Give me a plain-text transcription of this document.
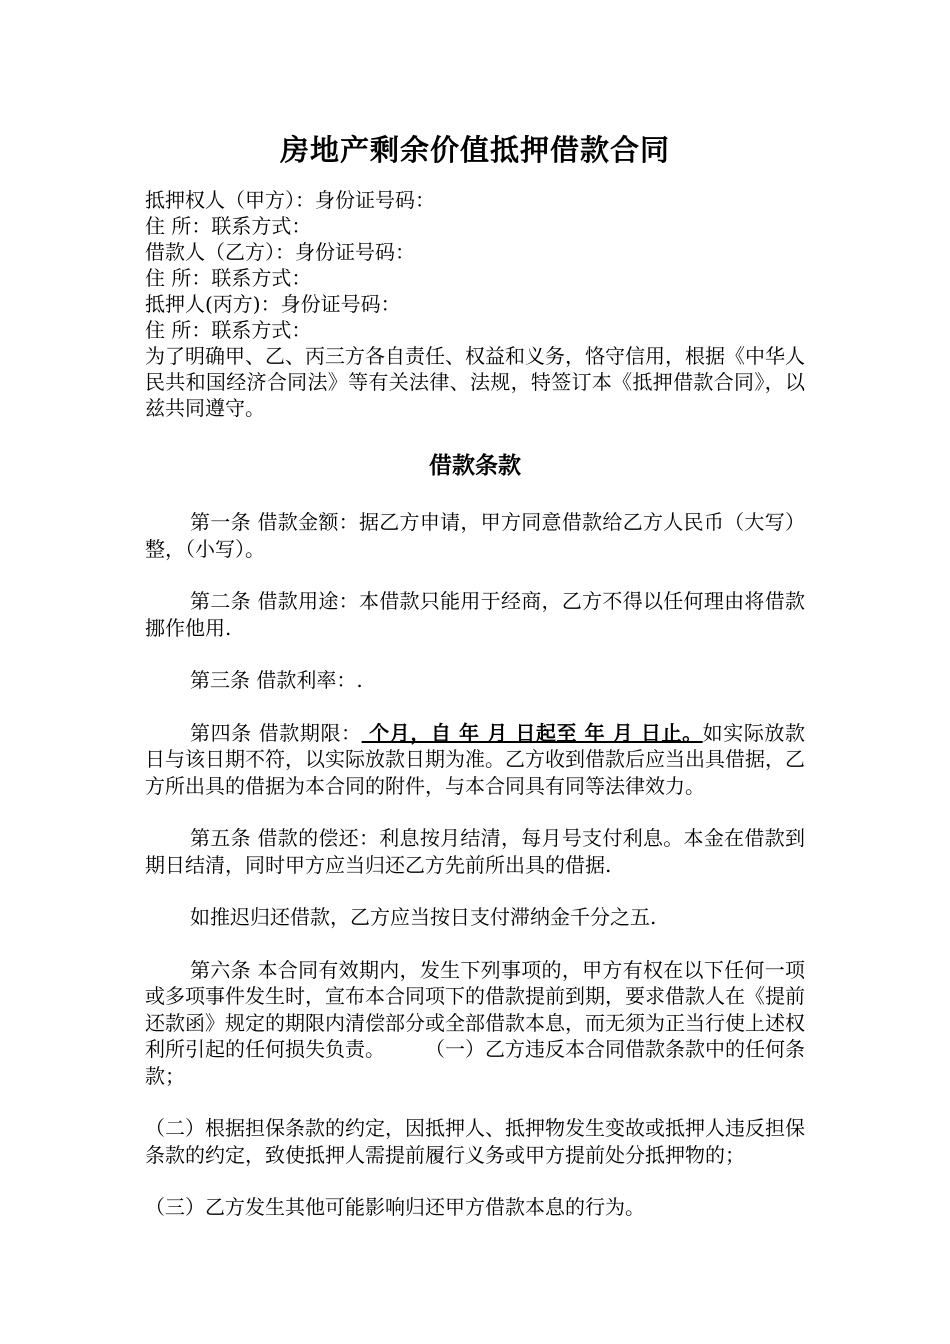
房地产剩余价值抵押借款合同

抵押权人（甲方）：身份证号码：

住 所：联系方式：

借款人（乙方）：身份证号码：

住 所：联系方式：

抵押人(丙方)：身份证号码：

住 所：联系方式：

为了明确甲、乙、丙三方各自责任、权益和义务，恪守信用，根据《中华人民共和国经济合同法》等有关法律、法规，特签订本《抵押借款合同》，以兹共同遵守。

借款条款

第一条 借款金额：据乙方申请，甲方同意借款给乙方人民币（大写）整，（小写）。

第二条 借款用途：本借款只能用于经商，乙方不得以任何理由将借款挪作他用.

第三条 借款利率：.

第四条 借款期限： 个月，自 年 月 日起至 年 月 日止。如实际放款日与该日期不符，以实际放款日期为准。乙方收到借款后应当出具借据，乙方所出具的借据为本合同的附件，与本合同具有同等法律效力。

第五条 借款的偿还：利息按月结清，每月号支付利息。本金在借款到期日结清，同时甲方应当归还乙方先前所出具的借据.

如推迟归还借款，乙方应当按日支付滞纳金千分之五.

第六条 本合同有效期内，发生下列事项的，甲方有权在以下任何一项或多项事件发生时，宣布本合同项下的借款提前到期，要求借款人在《提前还款函》规定的期限内清偿部分或全部借款本息，而无须为正当行使上述权利所引起的任何损失负责。 （一）乙方违反本合同借款条款中的任何条款；

（二）根据担保条款的约定，因抵押人、抵押物发生变故或抵押人违反担保条款的约定，致使抵押人需提前履行义务或甲方提前处分抵押物的；

（三）乙方发生其他可能影响归还甲方借款本息的行为。
